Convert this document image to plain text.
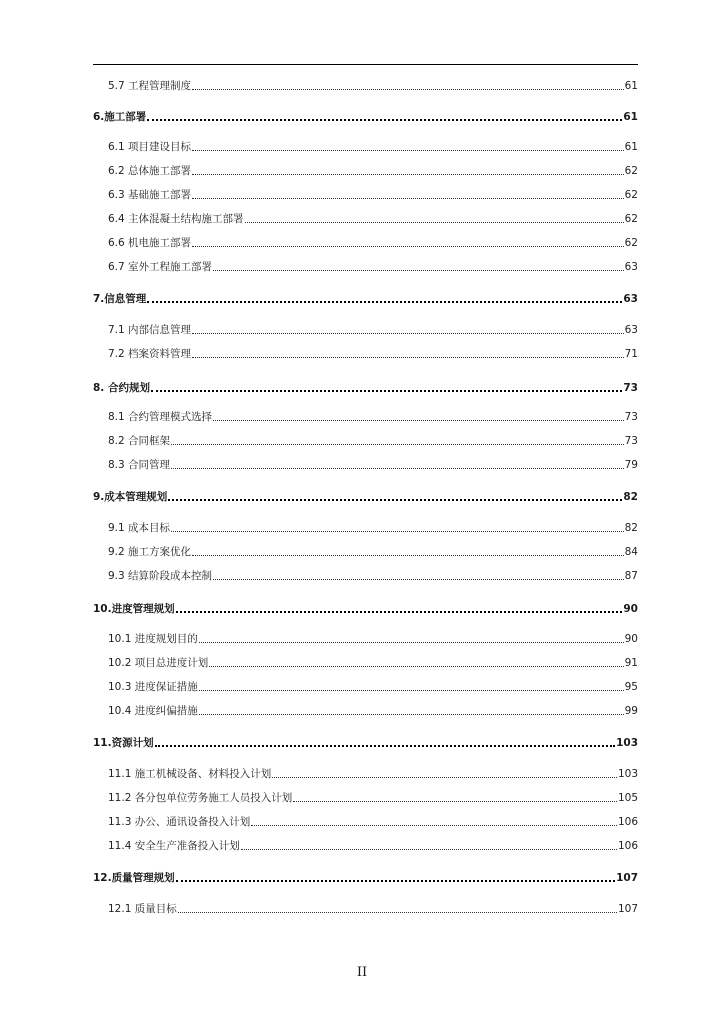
5.7 工程管理制度	61
6.施工部署	61
6.1 项目建设目标	61
6.2 总体施工部署	62
6.3 基础施工部署	62
6.4 主体混凝土结构施工部署	62
6.6 机电施工部署	62
6.7 室外工程施工部署	63
7.信息管理	63
7.1 内部信息管理	63
7.2 档案资料管理	71
8. 合约规划	73
8.1 合约管理模式选择	73
8.2 合同框架	73
8.3 合同管理	79
9.成本管理规划	82
9.1 成本目标	82
9.2 施工方案优化	84
9.3 结算阶段成本控制	87
10.进度管理规划	90
10.1 进度规划目的	90
10.2 项目总进度计划	91
10.3 进度保证措施	95
10.4 进度纠偏措施	99
11.资源计划	103
11.1 施工机械设备、材料投入计划	103
11.2 各分包单位劳务施工人员投入计划	105
11.3 办公、通讯设备投入计划	106
11.4 安全生产准备投入计划	106
12.质量管理规划	107
12.1 质量目标	107
II
